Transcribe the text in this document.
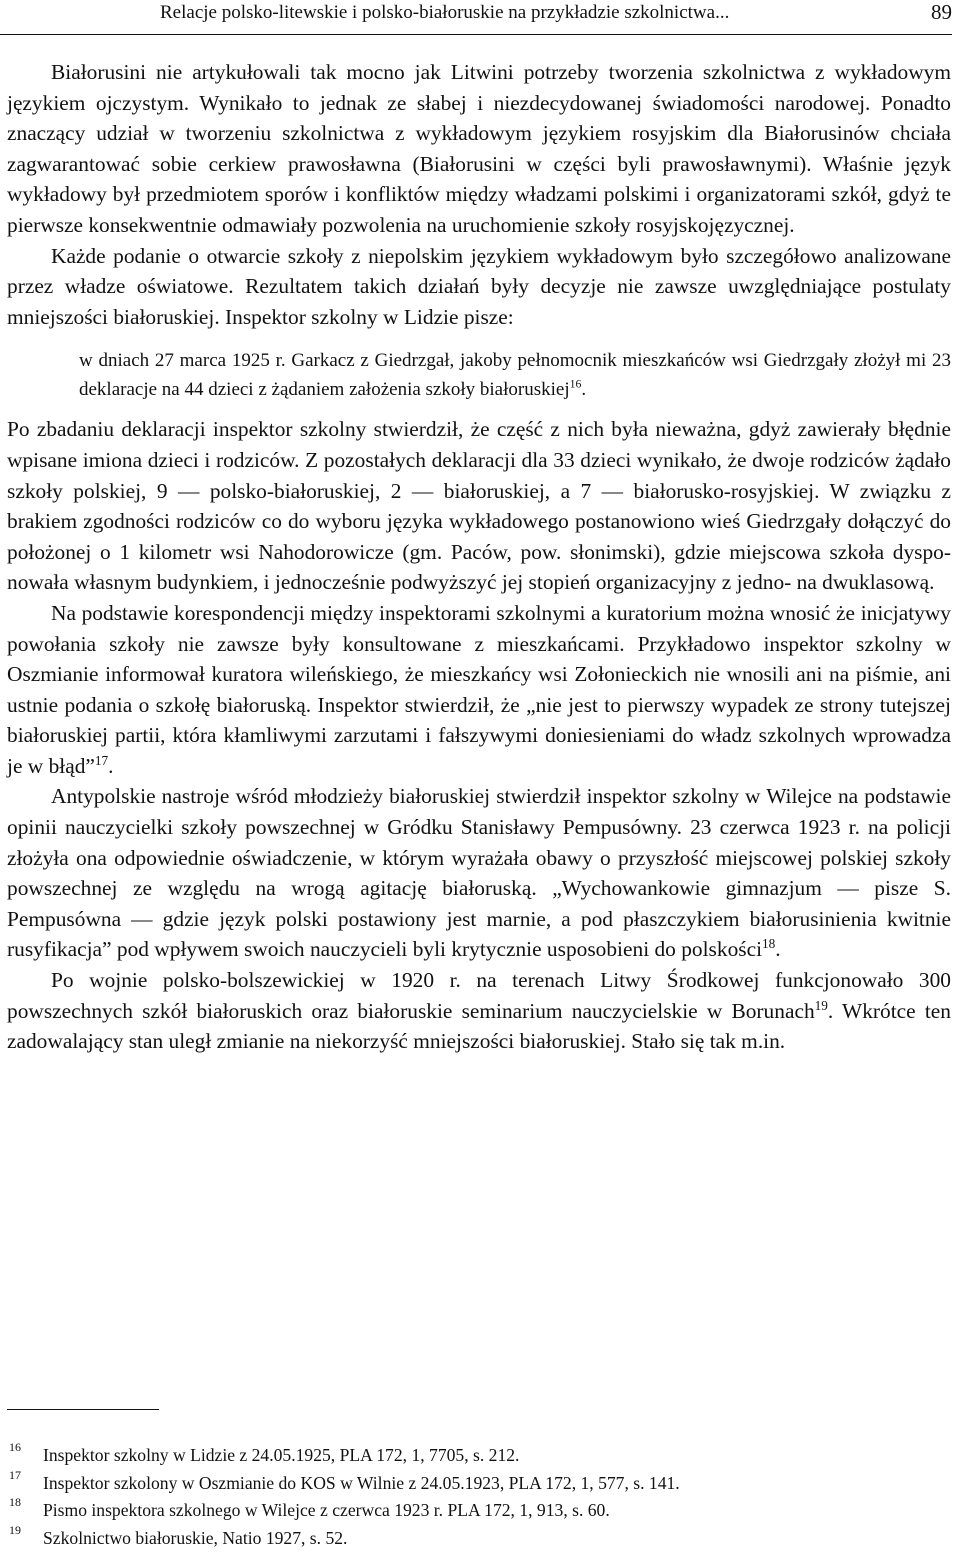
Relacje polsko-litewskie i polsko-białoruskie na przykładzie szkolnictwa...	89

Białorusini nie artykułowali tak mocno jak Litwini potrzeby tworzenia szkolnictwa z wykładowym językiem ojczystym. Wynikało to jednak ze słabej i niezdecydowanej świadomości narodowej. Ponadto znaczący udział w tworzeniu szkolnictwa z wykładowym językiem rosyjskim dla Białorusinów chciała zagwarantować sobie cerkiew prawosławna (Białorusini w części byli prawosławnymi). Właśnie język wykładowy był przedmiotem sporów i konfliktów między władzami polskimi i organizatorami szkół, gdyż te pierwsze konsekwentnie odmawiały pozwolenia na uruchomienie szkoły rosyjskojęzycznej.

Każde podanie o otwarcie szkoły z niepolskim językiem wykładowym było szczegółowo analizowane przez władze oświatowe. Rezultatem takich działań były decyzje nie zawsze uwzględniające postulaty mniejszości białoruskiej. Inspektor szkolny w Lidzie pisze:

w dniach 27 marca 1925 r. Garkacz z Giedrzgał, jakoby pełnomocnik mieszkańców wsi Giedrzgały złożył mi 23 deklaracje na 44 dzieci z żądaniem założenia szkoły białoruskiej$^{16}$.

Po zbadaniu deklaracji inspektor szkolny stwierdził, że część z nich była nieważna, gdyż zawierały błędnie wpisane imiona dzieci i rodziców. Z pozostałych deklaracji dla 33 dzieci wynikało, że dwoje rodziców żądało szkoły polskiej, 9 — polsko-białoruskiej, 2 — białoruskiej, a 7 — białorusko-rosyjskiej. W związku z brakiem zgodności rodziców co do wyboru języka wykładowego postanowiono wieś Giedrzgały dołączyć do położonej o 1 kilometr wsi Nahodorowicze (gm. Paców, pow. słonimski), gdzie miejscowa szkoła dysponowała własnym budynkiem, i jednocześnie podwyższyć jej stopień organizacyjny z jedno- na dwuklasową.

Na podstawie korespondencji między inspektorami szkolnymi a kuratorium można wnosić że inicjatywy powołania szkoły nie zawsze były konsultowane z mieszkańcami. Przykładowo inspektor szkolny w Oszmianie informował kuratora wileńskiego, że mieszkańcy wsi Zołonieckich nie wnosili ani na piśmie, ani ustnie podania o szkołę białoruską. Inspektor stwierdził, że „nie jest to pierwszy wypadek ze strony tutejszej białoruskiej partii, która kłamliwymi zarzutami i fałszywymi doniesieniami do władz szkolnych wprowadza je w błąd”$^{17}$.

Antypolskie nastroje wśród młodzieży białoruskiej stwierdził inspektor szkolny w Wilejce na podstawie opinii nauczycielki szkoły powszechnej w Gródku Stanisławy Pempusówny. 23 czerwca 1923 r. na policji złożyła ona odpowiednie oświadczenie, w którym wyrażała obawy o przyszłość miejscowej polskiej szkoły powszechnej ze względu na wrogą agitację białoruską. „Wychowankowie gimnazjum — pisze S. Pempusówna — gdzie język polski postawiony jest marnie, a pod płaszczykiem białorusinienia kwitnie rusyfikacja” pod wpływem swoich nauczycieli byli krytycznie usposobieni do polskości$^{18}$.

Po wojnie polsko-bolszewickiej w 1920 r. na terenach Litwy Środkowej funkcjonowało 300 powszechnych szkół białoruskich oraz białoruskie seminarium nauczycielskie w Borunach$^{19}$. Wkrótce ten zadowalający stan uległ zmianie na niekorzyść mniejszości białoruskiej. Stało się tak m.in.

16 Inspektor szkolny w Lidzie z 24.05.1925, PLA 172, 1, 7705, s. 212.
17 Inspektor szkolony w Oszmianie do KOS w Wilnie z 24.05.1923, PLA 172, 1, 577, s. 141.
18 Pismo inspektora szkolnego w Wilejce z czerwca 1923 r. PLA 172, 1, 913, s. 60.
19 Szkolnictwo białoruskie, Natio 1927, s. 52.
